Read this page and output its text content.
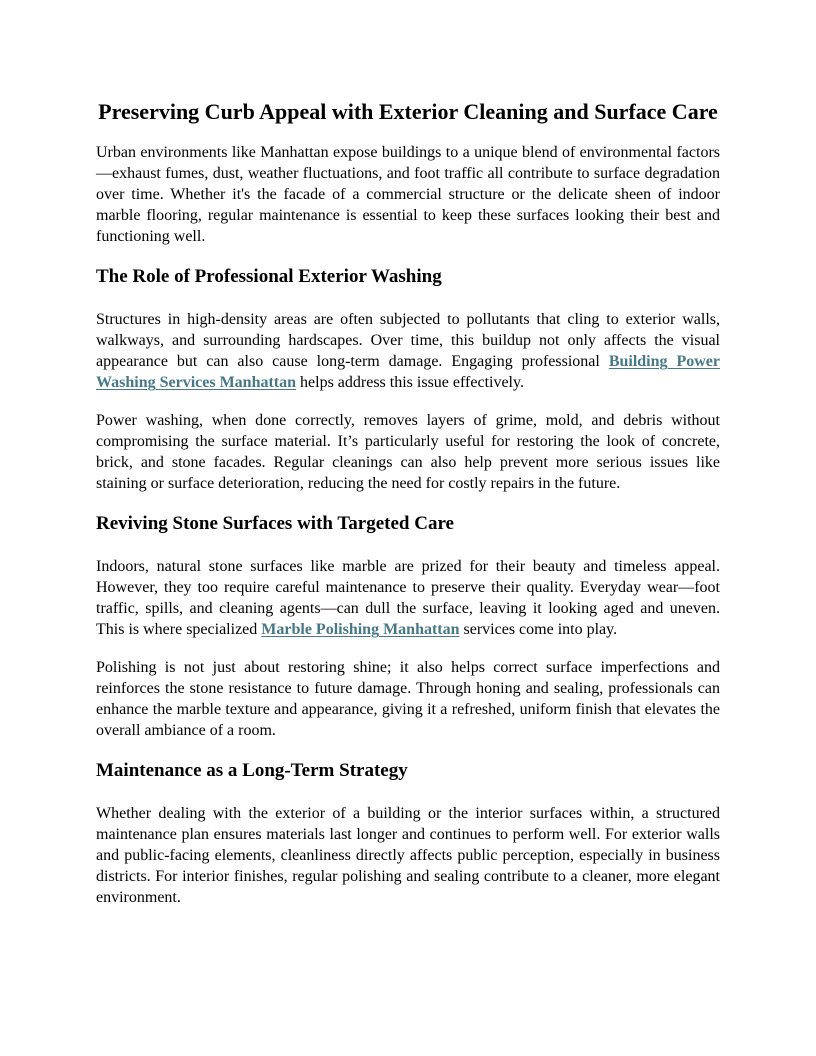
Preserving Curb Appeal with Exterior Cleaning and Surface Care

Urban environments like Manhattan expose buildings to a unique blend of environmental factors—exhaust fumes, dust, weather fluctuations, and foot traffic all contribute to surface degradation over time. Whether it's the facade of a commercial structure or the delicate sheen of indoor marble flooring, regular maintenance is essential to keep these surfaces looking their best and functioning well.

The Role of Professional Exterior Washing

Structures in high-density areas are often subjected to pollutants that cling to exterior walls, walkways, and surrounding hardscapes. Over time, this buildup not only affects the visual appearance but can also cause long-term damage. Engaging professional Building Power Washing Services Manhattan helps address this issue effectively.

Power washing, when done correctly, removes layers of grime, mold, and debris without compromising the surface material. It’s particularly useful for restoring the look of concrete, brick, and stone facades. Regular cleanings can also help prevent more serious issues like staining or surface deterioration, reducing the need for costly repairs in the future.

Reviving Stone Surfaces with Targeted Care

Indoors, natural stone surfaces like marble are prized for their beauty and timeless appeal. However, they too require careful maintenance to preserve their quality. Everyday wear—foot traffic, spills, and cleaning agents—can dull the surface, leaving it looking aged and uneven. This is where specialized Marble Polishing Manhattan services come into play.

Polishing is not just about restoring shine; it also helps correct surface imperfections and reinforces the stone resistance to future damage. Through honing and sealing, professionals can enhance the marble texture and appearance, giving it a refreshed, uniform finish that elevates the overall ambiance of a room.

Maintenance as a Long-Term Strategy

Whether dealing with the exterior of a building or the interior surfaces within, a structured maintenance plan ensures materials last longer and continues to perform well. For exterior walls and public-facing elements, cleanliness directly affects public perception, especially in business districts. For interior finishes, regular polishing and sealing contribute to a cleaner, more elegant environment.
